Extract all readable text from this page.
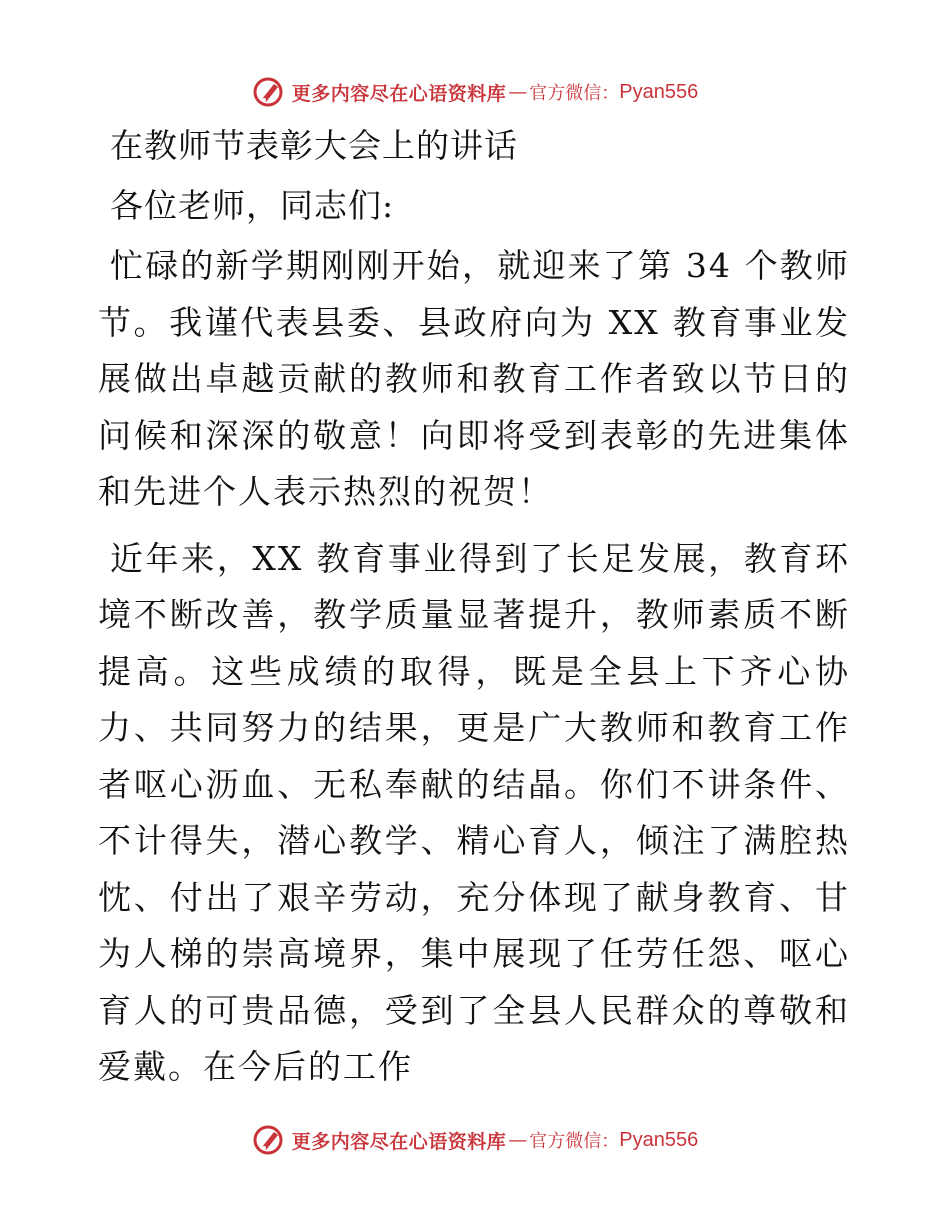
更多内容尽在心语资料库 — 官方微信： Pyan556
在教师节表彰大会上的讲话
各位老师，同志们:

忙碌的新学期刚刚开始，就迎来了第 34 个教师节。我谨代表县委、县政府向为 XX 教育事业发展做出卓越贡献的教师和教育工作者致以节日的问候和深深的敬意！向即将受到表彰的先进集体和先进个人表示热烈的祝贺！

近年来，XX 教育事业得到了长足发展，教育环境不断改善，教学质量显著提升，教师素质不断提高。这些成绩的取得，既是全县上下齐心协力、共同努力的结果，更是广大教师和教育工作者呕心沥血、无私奉献的结晶。你们不讲条件、不计得失，潜心教学、精心育人，倾注了满腔热忱、付出了艰辛劳动，充分体现了献身教育、甘为人梯的崇高境界，集中展现了任劳任怨、呕心育人的可贵品德，受到了全县人民群众的尊敬和爱戴。在今后的工作

更多内容尽在心语资料库 — 官方微信： Pyan556
